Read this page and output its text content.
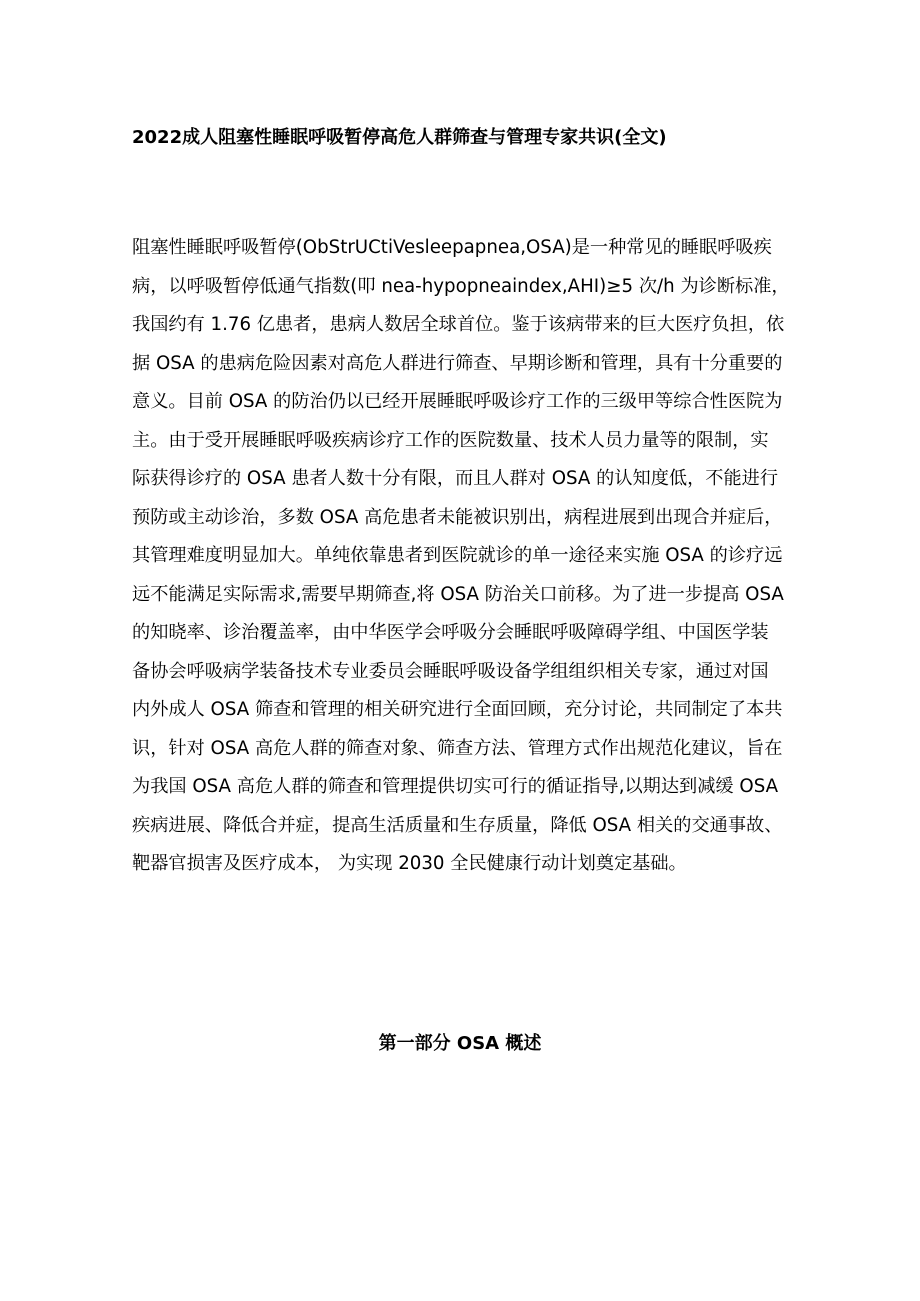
2022成人阻塞性睡眠呼吸暂停高危人群筛查与管理专家共识(全文)
阻塞性睡眠呼吸暂停(ObStrUCtiVesleepapnea,OSA)是一种常见的睡眠呼吸疾
病，以呼吸暂停低通气指数(叩 nea-hypopneaindex,AHI)≥5 次/h 为诊断标准，
我国约有 1.76 亿患者，患病人数居全球首位。鉴于该病带来的巨大医疗负担，依
据 OSA 的患病危险因素对高危人群进行筛查、早期诊断和管理，具有十分重要的
意义。目前 OSA 的防治仍以已经开展睡眠呼吸诊疗工作的三级甲等综合性医院为
主。由于受开展睡眠呼吸疾病诊疗工作的医院数量、技术人员力量等的限制，实
际获得诊疗的 OSA 患者人数十分有限，而且人群对 OSA 的认知度低，不能进行
预防或主动诊治，多数 OSA 高危患者未能被识别出，病程进展到出现合并症后，
其管理难度明显加大。单纯依靠患者到医院就诊的单一途径来实施 OSA 的诊疗远
远不能满足实际需求,需要早期筛查,将 OSA 防治关口前移。为了进一步提高 OSA
的知晓率、诊治覆盖率，由中华医学会呼吸分会睡眠呼吸障碍学组、中国医学装
备协会呼吸病学装备技术专业委员会睡眠呼吸设备学组组织相关专家，通过对国
内外成人 OSA 筛查和管理的相关研究进行全面回顾，充分讨论，共同制定了本共
识，针对 OSA 高危人群的筛查对象、筛查方法、管理方式作出规范化建议，旨在
为我国 OSA 高危人群的筛查和管理提供切实可行的循证指导,以期达到减缓 OSA
疾病进展、降低合并症，提高生活质量和生存质量，降低 OSA 相关的交通事故、
靶器官损害及医疗成本， 为实现 2030 全民健康行动计划奠定基础。
第一部分 OSA 概述
